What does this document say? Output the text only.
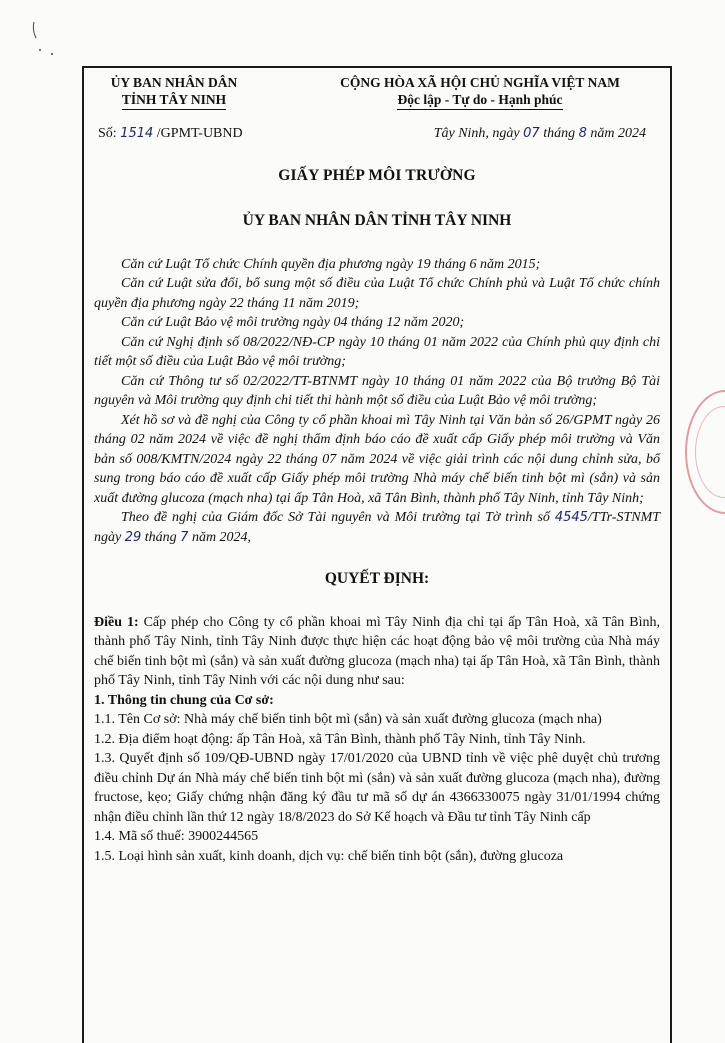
ỦY BAN NHÂN DÂN
TỈNH TÂY NINH
CỘNG HÒA XÃ HỘI CHỦ NGHĨA VIỆT NAM
Độc lập - Tự do - Hạnh phúc
Số: 1514 /GPMT-UBND	Tây Ninh, ngày 07 tháng 8 năm 2024
GIẤY PHÉP MÔI TRƯỜNG
ỦY BAN NHÂN DÂN TỈNH TÂY NINH

Căn cứ Luật Tổ chức Chính quyền địa phương ngày 19 tháng 6 năm 2015;

Căn cứ Luật sửa đổi, bổ sung một số điều của Luật Tổ chức Chính phủ và Luật Tổ chức chính quyền địa phương ngày 22 tháng 11 năm 2019;

Căn cứ Luật Bảo vệ môi trường ngày 04 tháng 12 năm 2020;

Căn cứ Nghị định số 08/2022/NĐ-CP ngày 10 tháng 01 năm 2022 của Chính phủ quy định chi tiết một số điều của Luật Bảo vệ môi trường;

Căn cứ Thông tư số 02/2022/TT-BTNMT ngày 10 tháng 01 năm 2022 của Bộ trưởng Bộ Tài nguyên và Môi trường quy định chi tiết thi hành một số điều của Luật Bảo vệ môi trường;

Xét hồ sơ và đề nghị của Công ty cổ phần khoai mì Tây Ninh tại Văn bản số 26/GPMT ngày 26 tháng 02 năm 2024 về việc đề nghị thẩm định báo cáo đề xuất cấp Giấy phép môi trường và Văn bản số 008/KMTN/2024 ngày 22 tháng 07 năm 2024 về việc giải trình các nội dung chỉnh sửa, bổ sung trong báo cáo đề xuất cấp Giấy phép môi trường Nhà máy chế biến tinh bột mì (sắn) và sản xuất đường glucoza (mạch nha) tại ấp Tân Hoà, xã Tân Bình, thành phố Tây Ninh, tỉnh Tây Ninh;

Theo đề nghị của Giám đốc Sở Tài nguyên và Môi trường tại Tờ trình số 4545/TTr-STNMT ngày 29 tháng 7 năm 2024,

QUYẾT ĐỊNH:

Điều 1: Cấp phép cho Công ty cổ phần khoai mì Tây Ninh địa chỉ tại ấp Tân Hoà, xã Tân Bình, thành phố Tây Ninh, tỉnh Tây Ninh được thực hiện các hoạt động bảo vệ môi trường của Nhà máy chế biến tinh bột mì (sắn) và sản xuất đường glucoza (mạch nha) tại ấp Tân Hoà, xã Tân Bình, thành phố Tây Ninh, tỉnh Tây Ninh với các nội dung như sau:

1. Thông tin chung của Cơ sở:

1.1. Tên Cơ sở: Nhà máy chế biến tinh bột mì (sắn) và sản xuất đường glucoza (mạch nha)

1.2. Địa điểm hoạt động: ấp Tân Hoà, xã Tân Bình, thành phố Tây Ninh, tỉnh Tây Ninh.

1.3. Quyết định số 109/QĐ-UBND ngày 17/01/2020 của UBND tỉnh về việc phê duyệt chủ trương điều chỉnh Dự án Nhà máy chế biến tinh bột mì (sắn) và sản xuất đường glucoza (mạch nha), đường fructose, kẹo; Giấy chứng nhận đăng ký đầu tư mã số dự án 4366330075 ngày 31/01/1994 chứng nhận điều chỉnh lần thứ 12 ngày 18/8/2023 do Sở Kế hoạch và Đầu tư tỉnh Tây Ninh cấp

1.4. Mã số thuế: 3900244565

1.5. Loại hình sản xuất, kinh doanh, dịch vụ: chế biến tinh bột (sắn), đường glucoza
